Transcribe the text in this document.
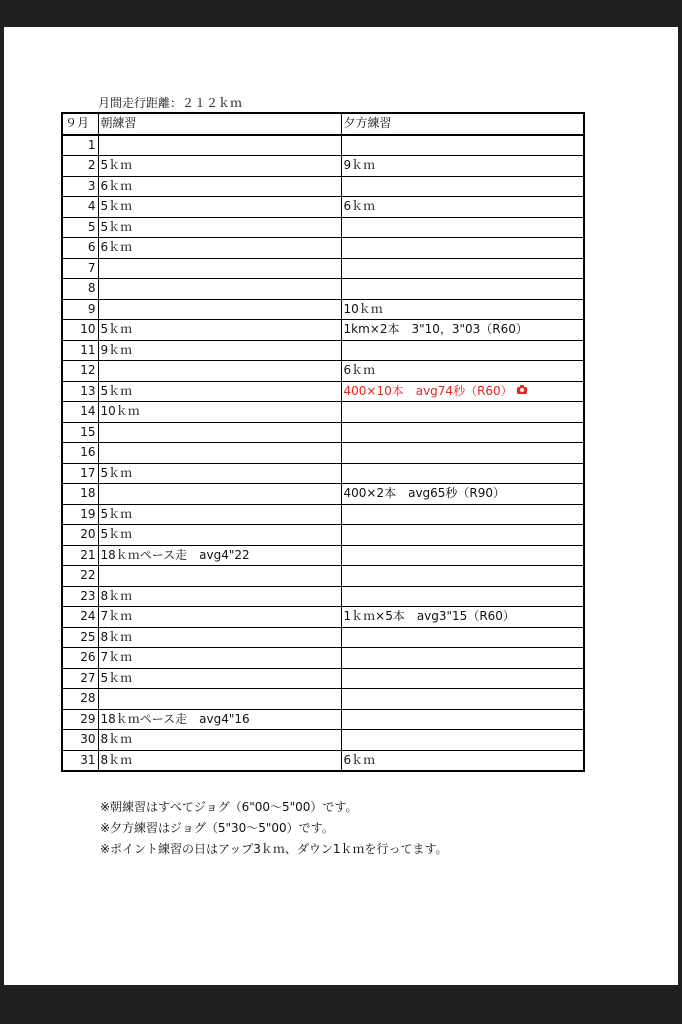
月間走行距離：２１２ｋｍ
９月	朝練習	夕方練習
1		
2	5ｋｍ	9ｋｍ
3	6ｋｍ	
4	5ｋｍ	6ｋｍ
5	5ｋｍ	
6	6ｋｍ	
7		
8		
9		10ｋｍ
10	5ｋｍ	1km×2本　3"10，3"03（R60）
11	9ｋｍ	
12		6ｋｍ
13	5ｋｍ	400×10本　avg74秒（R60）
14	10ｋｍ	
15		
16		
17	5ｋｍ	
18		400×2本　avg65秒（R90）
19	5ｋｍ	
20	5ｋｍ	
21	18ｋｍペース走　avg4"22	
22		
23	8ｋｍ	
24	7ｋｍ	1ｋｍ×5本　avg3"15（R60）
25	8ｋｍ	
26	7ｋｍ	
27	5ｋｍ	
28		
29	18ｋｍペース走　avg4"16	
30	8ｋｍ	
31	8ｋｍ	6ｋｍ
※朝練習はすべてジョグ（6"00～5"00）です。
※夕方練習はジョグ（5"30～5"00）です。
※ポイント練習の日はアップ3ｋｍ、ダウン1ｋｍを行ってます。
